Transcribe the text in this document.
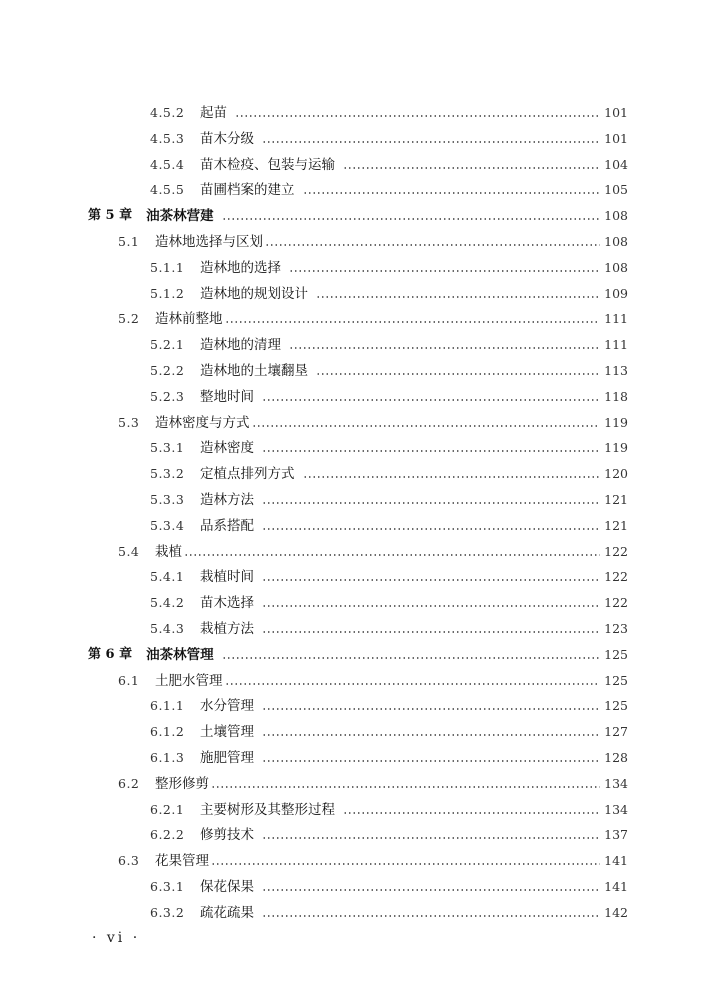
4.5.2	起苗	101
4.5.3	苗木分级	101
4.5.4	苗木检疫、包装与运输	104
4.5.5	苗圃档案的建立	105
第 5 章 油茶林营建	108
5.1	造林地选择与区划	108
5.1.1	造林地的选择	108
5.1.2	造林地的规划设计	109
5.2	造林前整地	111
5.2.1	造林地的清理	111
5.2.2	造林地的土壤翻垦	113
5.2.3	整地时间	118
5.3	造林密度与方式	119
5.3.1	造林密度	119
5.3.2	定植点排列方式	120
5.3.3	造林方法	121
5.3.4	品系搭配	121
5.4	栽植	122
5.4.1	栽植时间	122
5.4.2	苗木选择	122
5.4.3	栽植方法	123
第 6 章 油茶林管理	125
6.1	土肥水管理	125
6.1.1	水分管理	125
6.1.2	土壤管理	127
6.1.3	施肥管理	128
6.2	整形修剪	134
6.2.1	主要树形及其整形过程	134
6.2.2	修剪技术	137
6.3	花果管理	141
6.3.1	保花保果	141
6.3.2	疏花疏果	142
· vi ·
